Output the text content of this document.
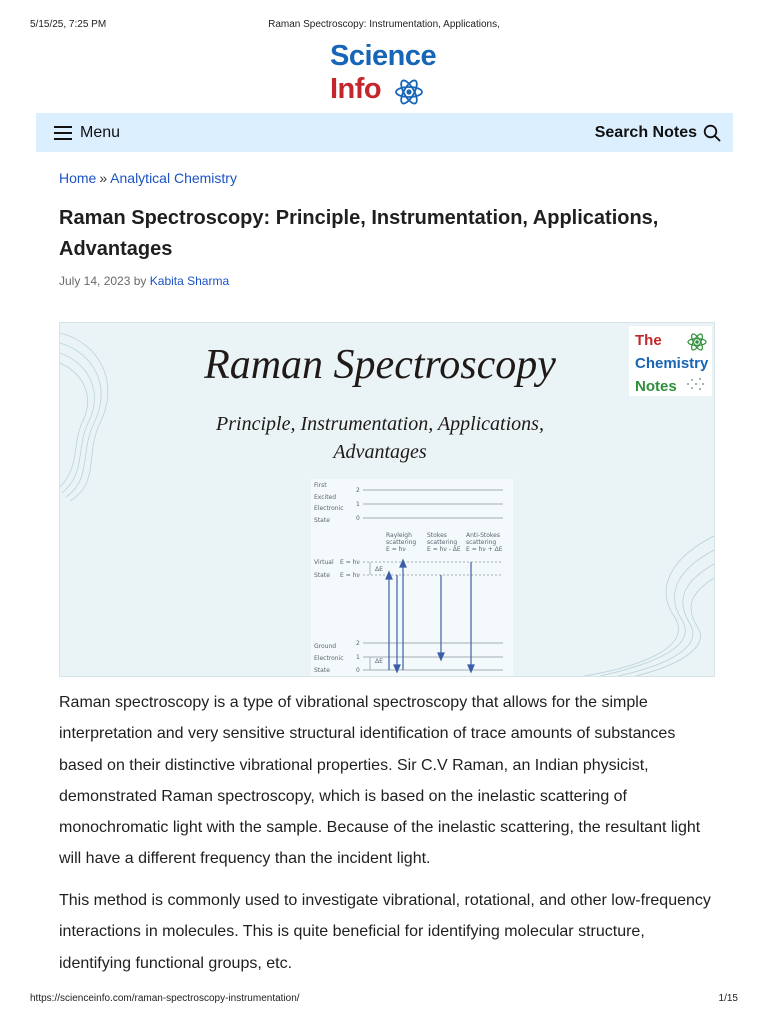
5/15/25, 7:25 PM	Raman Spectroscopy: Instrumentation, Applications,
Science
Info
Menu	Search Notes
Home » Analytical Chemistry
Raman Spectroscopy: Principle, Instrumentation, Applications, Advantages
July 14, 2023 by Kabita Sharma
Raman Spectroscopy
Principle, Instrumentation, Applications,
Advantages
The
Chemistry
Notes
First
Excited
Electronic
State
2
1
0
Rayleigh
scattering
E = hν
Stokes
scattering
E = hν - ΔE
Anti-Stokes
scattering
E = hν + ΔE
Virtual
State
E = hν
E = hν
ΔE
Ground
Electronic
State
2
1
0
ΔE

Raman spectroscopy is a type of vibrational spectroscopy that allows for the simple interpretation and very sensitive structural identification of trace amounts of substances based on their distinctive vibrational properties. Sir C.V Raman, an Indian physicist, demonstrated Raman spectroscopy, which is based on the inelastic scattering of monochromatic light with the sample. Because of the inelastic scattering, the resultant light will have a different frequency than the incident light.

This method is commonly used to investigate vibrational, rotational, and other low-frequency interactions in molecules. This is quite beneficial for identifying molecular structure, identifying functional groups, etc.

https://scienceinfo.com/raman-spectroscopy-instrumentation/	1/15
